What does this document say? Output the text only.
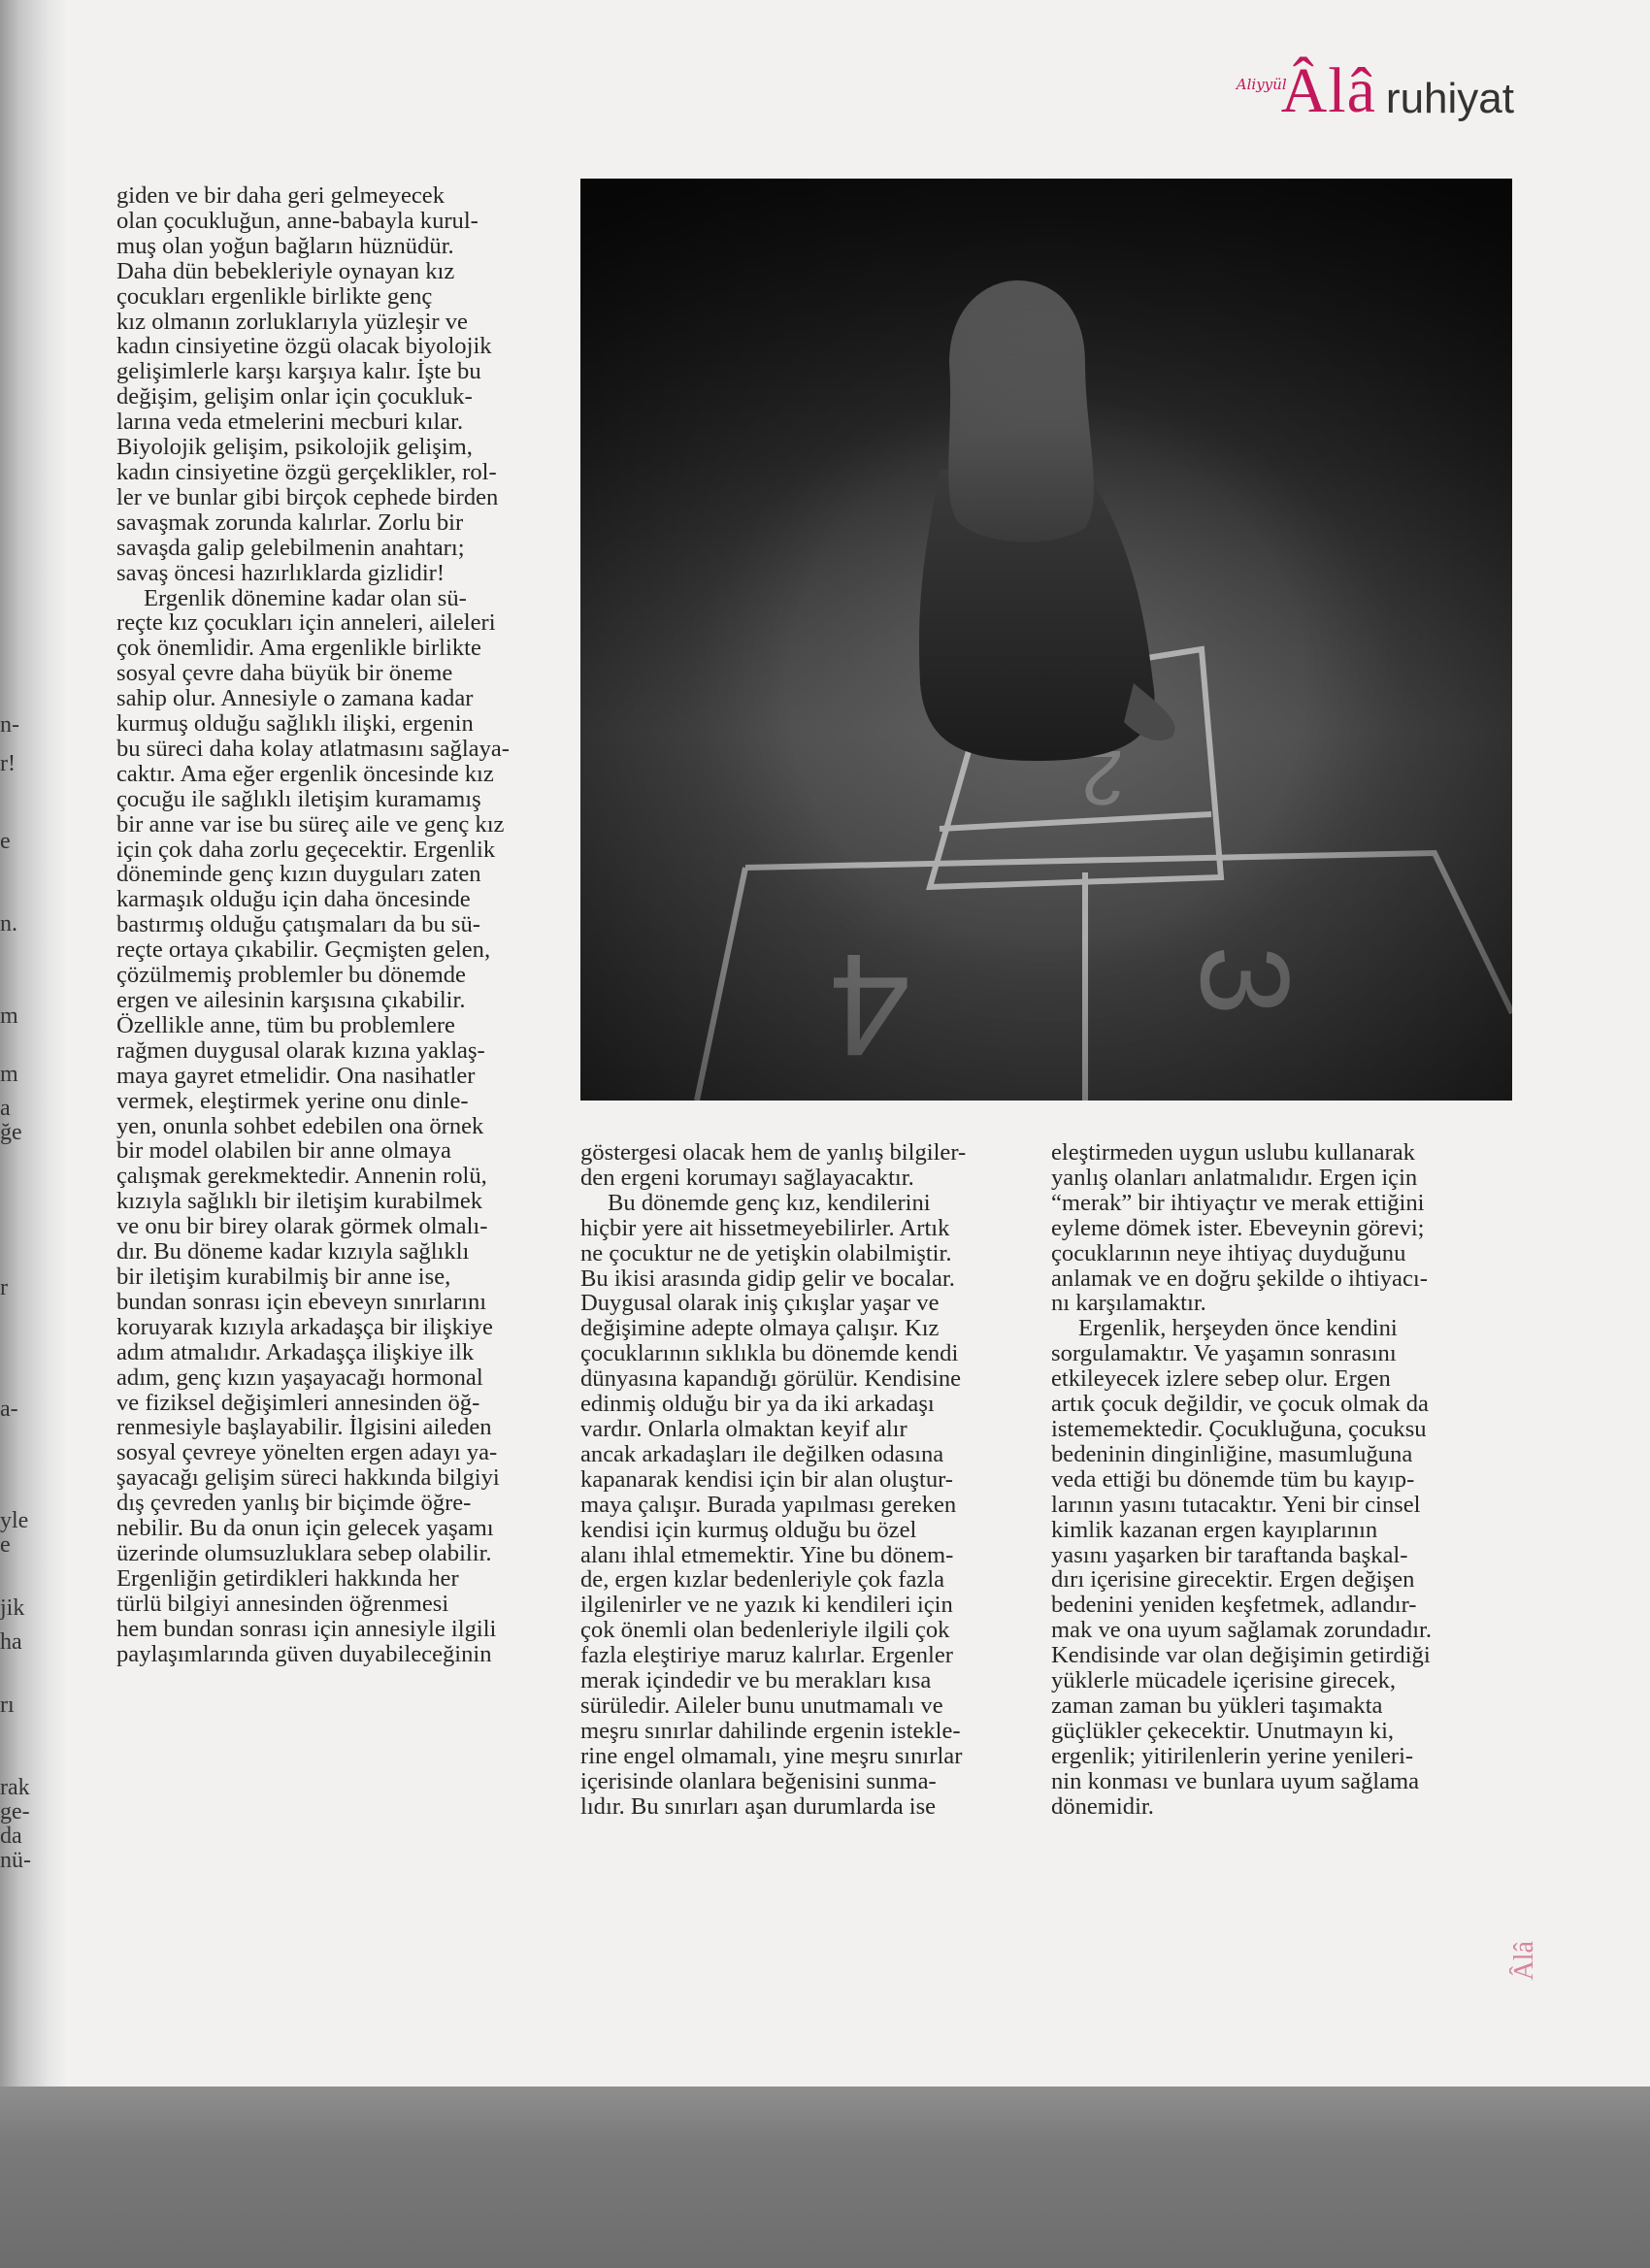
n-
r!
e
n.
m
m
a
ğe
r
a-
yle
e
jik
ha
rı
rak
ge-
da
nü-
Aliyyül
Âlâ ruhiyat

giden ve bir daha geri gelmeyecek
olan çocukluğun, anne-babayla kurul-
muş olan yoğun bağların hüznüdür.
Daha dün bebekleriyle oynayan kız
çocukları ergenlikle birlikte genç
kız olmanın zorluklarıyla yüzleşir ve
kadın cinsiyetine özgü olacak biyolojik
gelişimlerle karşı karşıya kalır. İşte bu
değişim, gelişim onlar için çocukluk-
larına veda etmelerini mecburi kılar.
Biyolojik gelişim, psikolojik gelişim,
kadın cinsiyetine özgü gerçeklikler, rol-
ler ve bunlar gibi birçok cephede birden
savaşmak zorunda kalırlar. Zorlu bir
savaşda galip gelebilmenin anahtarı;
savaş öncesi hazırlıklarda gizlidir!

Ergenlik dönemine kadar olan sü-
reçte kız çocukları için anneleri, aileleri
çok önemlidir. Ama ergenlikle birlikte
sosyal çevre daha büyük bir öneme
sahip olur. Annesiyle o zamana kadar
kurmuş olduğu sağlıklı ilişki, ergenin
bu süreci daha kolay atlatmasını sağlaya-
caktır. Ama eğer ergenlik öncesinde kız
çocuğu ile sağlıklı iletişim kuramamış
bir anne var ise bu süreç aile ve genç kız
için çok daha zorlu geçecektir. Ergenlik
döneminde genç kızın duyguları zaten
karmaşık olduğu için daha öncesinde
bastırmış olduğu çatışmaları da bu sü-
reçte ortaya çıkabilir. Geçmişten gelen,
çözülmemiş problemler bu dönemde
ergen ve ailesinin karşısına çıkabilir.
Özellikle anne, tüm bu problemlere
rağmen duygusal olarak kızına yaklaş-
maya gayret etmelidir. Ona nasihatler
vermek, eleştirmek yerine onu dinle-
yen, onunla sohbet edebilen ona örnek
bir model olabilen bir anne olmaya
çalışmak gerekmektedir. Annenin rolü,
kızıyla sağlıklı bir iletişim kurabilmek
ve onu bir birey olarak görmek olmalı-
dır. Bu döneme kadar kızıyla sağlıklı
bir iletişim kurabilmiş bir anne ise,
bundan sonrası için ebeveyn sınırlarını
koruyarak kızıyla arkadaşça bir ilişkiye
adım atmalıdır. Arkadaşça ilişkiye ilk
adım, genç kızın yaşayacağı hormonal
ve fiziksel değişimleri annesinden öğ-
renmesiyle başlayabilir. İlgisini aileden
sosyal çevreye yönelten ergen adayı ya-
şayacağı gelişim süreci hakkında bilgiyi
dış çevreden yanlış bir biçimde öğre-
nebilir. Bu da onun için gelecek yaşamı
üzerinde olumsuzluklara sebep olabilir.
Ergenliğin getirdikleri hakkında her
türlü bilgiyi annesinden öğrenmesi
hem bundan sonrası için annesiyle ilgili
paylaşımlarında güven duyabileceğinin

göstergesi olacak hem de yanlış bilgiler-
den ergeni korumayı sağlayacaktır.

Bu dönemde genç kız, kendilerini
hiçbir yere ait hissetmeyebilirler. Artık
ne çocuktur ne de yetişkin olabilmiştir.
Bu ikisi arasında gidip gelir ve bocalar.
Duygusal olarak iniş çıkışlar yaşar ve
değişimine adepte olmaya çalışır. Kız
çocuklarının sıklıkla bu dönemde kendi
dünyasına kapandığı görülür. Kendisine
edinmiş olduğu bir ya da iki arkadaşı
vardır. Onlarla olmaktan keyif alır
ancak arkadaşları ile değilken odasına
kapanarak kendisi için bir alan oluştur-
maya çalışır. Burada yapılması gereken
kendisi için kurmuş olduğu bu özel
alanı ihlal etmemektir. Yine bu dönem-
de, ergen kızlar bedenleriyle çok fazla
ilgilenirler ve ne yazık ki kendileri için
çok önemli olan bedenleriyle ilgili çok
fazla eleştiriye maruz kalırlar. Ergenler
merak içindedir ve bu merakları kısa
sürüledir. Aileler bunu unutmamalı ve
meşru sınırlar dahilinde ergenin istekle-
rine engel olmamalı, yine meşru sınırlar
içerisinde olanlara beğenisini sunma-
lıdır. Bu sınırları aşan durumlarda ise

eleştirmeden uygun uslubu kullanarak
yanlış olanları anlatmalıdır. Ergen için
“merak” bir ihtiyaçtır ve merak ettiğini
eyleme dömek ister. Ebeveynin görevi;
çocuklarının neye ihtiyaç duyduğunu
anlamak ve en doğru şekilde o ihtiyacı-
nı karşılamaktır.

Ergenlik, herşeyden önce kendini
sorgulamaktır. Ve yaşamın sonrasını
etkileyecek izlere sebep olur. Ergen
artık çocuk değildir, ve çocuk olmak da
istememektedir. Çocukluğuna, çocuksu
bedeninin dinginliğine, masumluğuna
veda ettiği bu dönemde tüm bu kayıp-
larının yasını tutacaktır. Yeni bir cinsel
kimlik kazanan ergen kayıplarının
yasını yaşarken bir taraftanda başkal-
dırı içerisine girecektir. Ergen değişen
bedenini yeniden keşfetmek, adlandır-
mak ve ona uyum sağlamak zorundadır.
Kendisinde var olan değişimin getirdiği
yüklerle mücadele içerisine girecek,
zaman zaman bu yükleri taşımakta
güçlükler çekecektir. Unutmayın ki,
ergenlik; yitirilenlerin yerine yenileri-
nin konması ve bunlara uyum sağlama
dönemidir.

Âlâ
